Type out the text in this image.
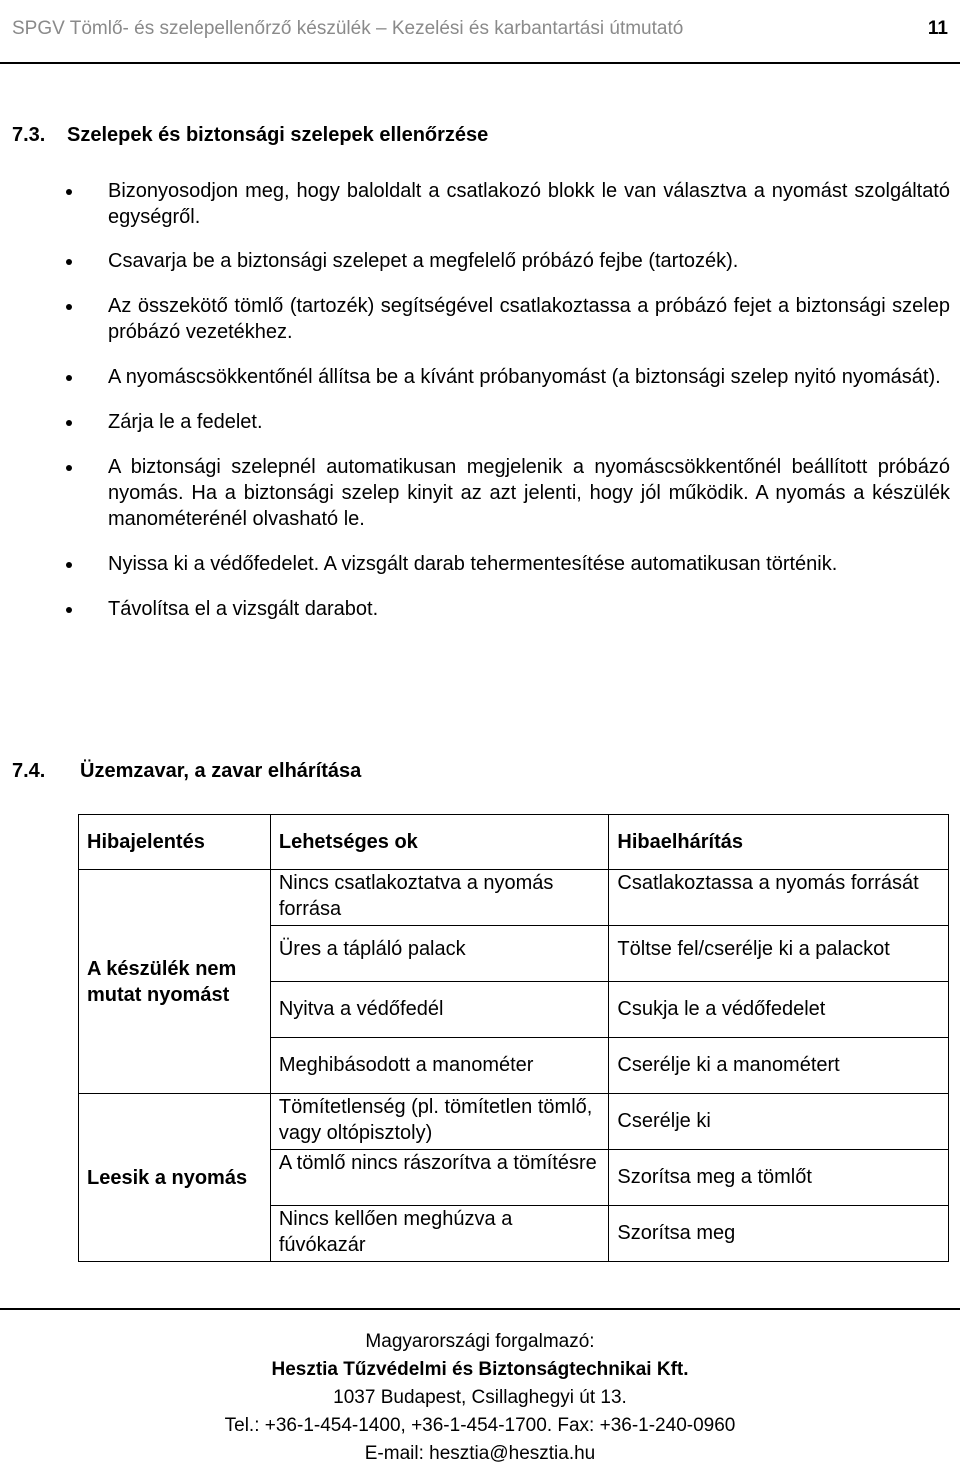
SPGV Tömlő- és szelepellenőrző készülék – Kezelési és karbantartási útmutató	11
7.3. Szelepek és biztonsági szelepek ellenőrzése
Bizonyosodjon meg, hogy baloldalt a csatlakozó blokk le van választva a nyomást szolgáltató egységről.
Csavarja be a biztonsági szelepet a megfelelő próbázó fejbe (tartozék).
Az összekötő tömlő (tartozék) segítségével csatlakoztassa a próbázó fejet a biztonsági szelep próbázó vezetékhez.
A nyomáscsökkentőnél állítsa be a kívánt próbanyomást (a biztonsági szelep nyitó nyomását).
Zárja le a fedelet.
A biztonsági szelepnél automatikusan megjelenik a nyomáscsökkentőnél beállított próbázó nyomás. Ha a biztonsági szelep kinyit az azt jelenti, hogy jól működik. A nyomás a készülék manométerénél olvasható le.
Nyissa ki a védőfedelet. A vizsgált darab tehermentesítése automatikusan történik.
Távolítsa el a vizsgált darabot.
7.4. Üzemzavar, a zavar elhárítása
Hibajelentés	Lehetséges ok	Hibaelhárítás
A készülék nem mutat nyomást	Nincs csatlakoztatva a nyomás forrása	Csatlakoztassa a nyomás forrását
	Üres a tápláló palack	Töltse fel/cserélje ki a palackot
	Nyitva a védőfedél	Csukja le a védőfedelet
	Meghibásodott a manométer	Cserélje ki a manométert
Leesik a nyomás	Tömítetlenség (pl. tömítetlen tömlő, vagy oltópisztoly)	Cserélje ki
	A tömlő nincs rászorítva a tömítésre	Szorítsa meg a tömlőt
	Nincs kellően meghúzva a fúvókazár	Szorítsa meg
Magyarországi forgalmazó:
Hesztia Tűzvédelmi és Biztonságtechnikai Kft.
1037 Budapest, Csillaghegyi út 13.
Tel.: +36-1-454-1400, +36-1-454-1700. Fax: +36-1-240-0960
E-mail: hesztia@hesztia.hu
